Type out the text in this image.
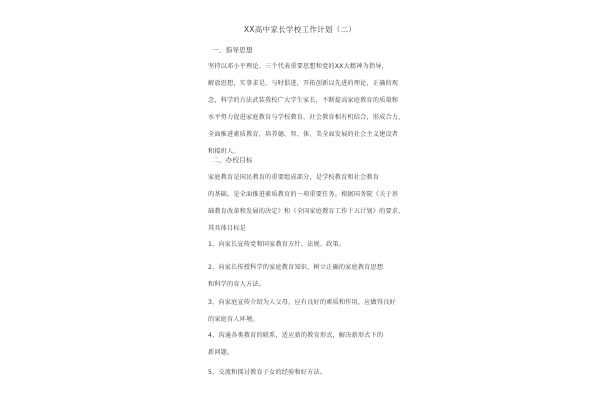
XX高中家长学校工作计划（二）
一、指导思想
坚持以邓小平理论、三个代表重要思想和党的XX大精神为指导，
解放思想，实事求是，与时俱进，开拓创新以先进的理论，正确的观
念，科学的方法武装我校广大学生家长，不断提高家庭教育的质量和
水平努力促进家庭教育与学校教育、社会教育相有机结合，形成合力，
全面推进素质教育，培养德、智、体、美全面发展的社会主义建设者
和接班人。
二、办校目标
家庭教育是国民教育的重要组成部分，是学校教育和社会教育
的基础，是全面推进素质教育的一项重要任务。根据国务院《关于基
础教育改革和发展的决定》和《全国家庭教育工作十五计划》的要求，
其具体目标是
1、向家长宣传党和国家教育方针、法规、政策。
2、向家长传授科学的家庭教育知识，树立正确的家庭教育思想
和科学的育人方法。
3、向家庭宣传介绍为人父母，应有良好的素质和作用，应做得良好
的家庭育人环境。
4、沟通各类教育的联系，适应新的教育形式，解决新形式下的
新问题。
5、交流和探讨教育子女的经验和好方法。
